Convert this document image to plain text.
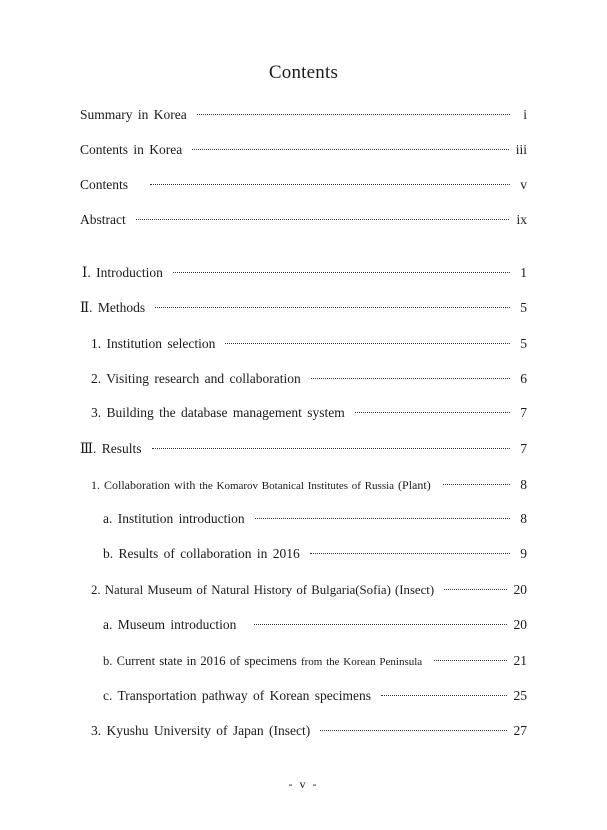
Contents
Summary in Korea	i
Contents in Korea	iii
Contents	v
Abstract	ix
Ⅰ. Introduction	1
Ⅱ. Methods	5
1. Institution selection	5
2. Visiting research and collaboration	6
3. Building the database management system	7
Ⅲ. Results	7
1. Collaboration with the Komarov Botanical Institutes of Russia (Plant)	8
a. Institution introduction	8
b. Results of collaboration in 2016	9
2. Natural Museum of Natural History of Bulgaria(Sofia) (Insect)	20
a. Museum introduction	20
b. Current state in 2016 of specimens from the Korean Peninsula	21
c. Transportation pathway of Korean specimens	25
3. Kyushu University of Japan (Insect)	27
- v -
